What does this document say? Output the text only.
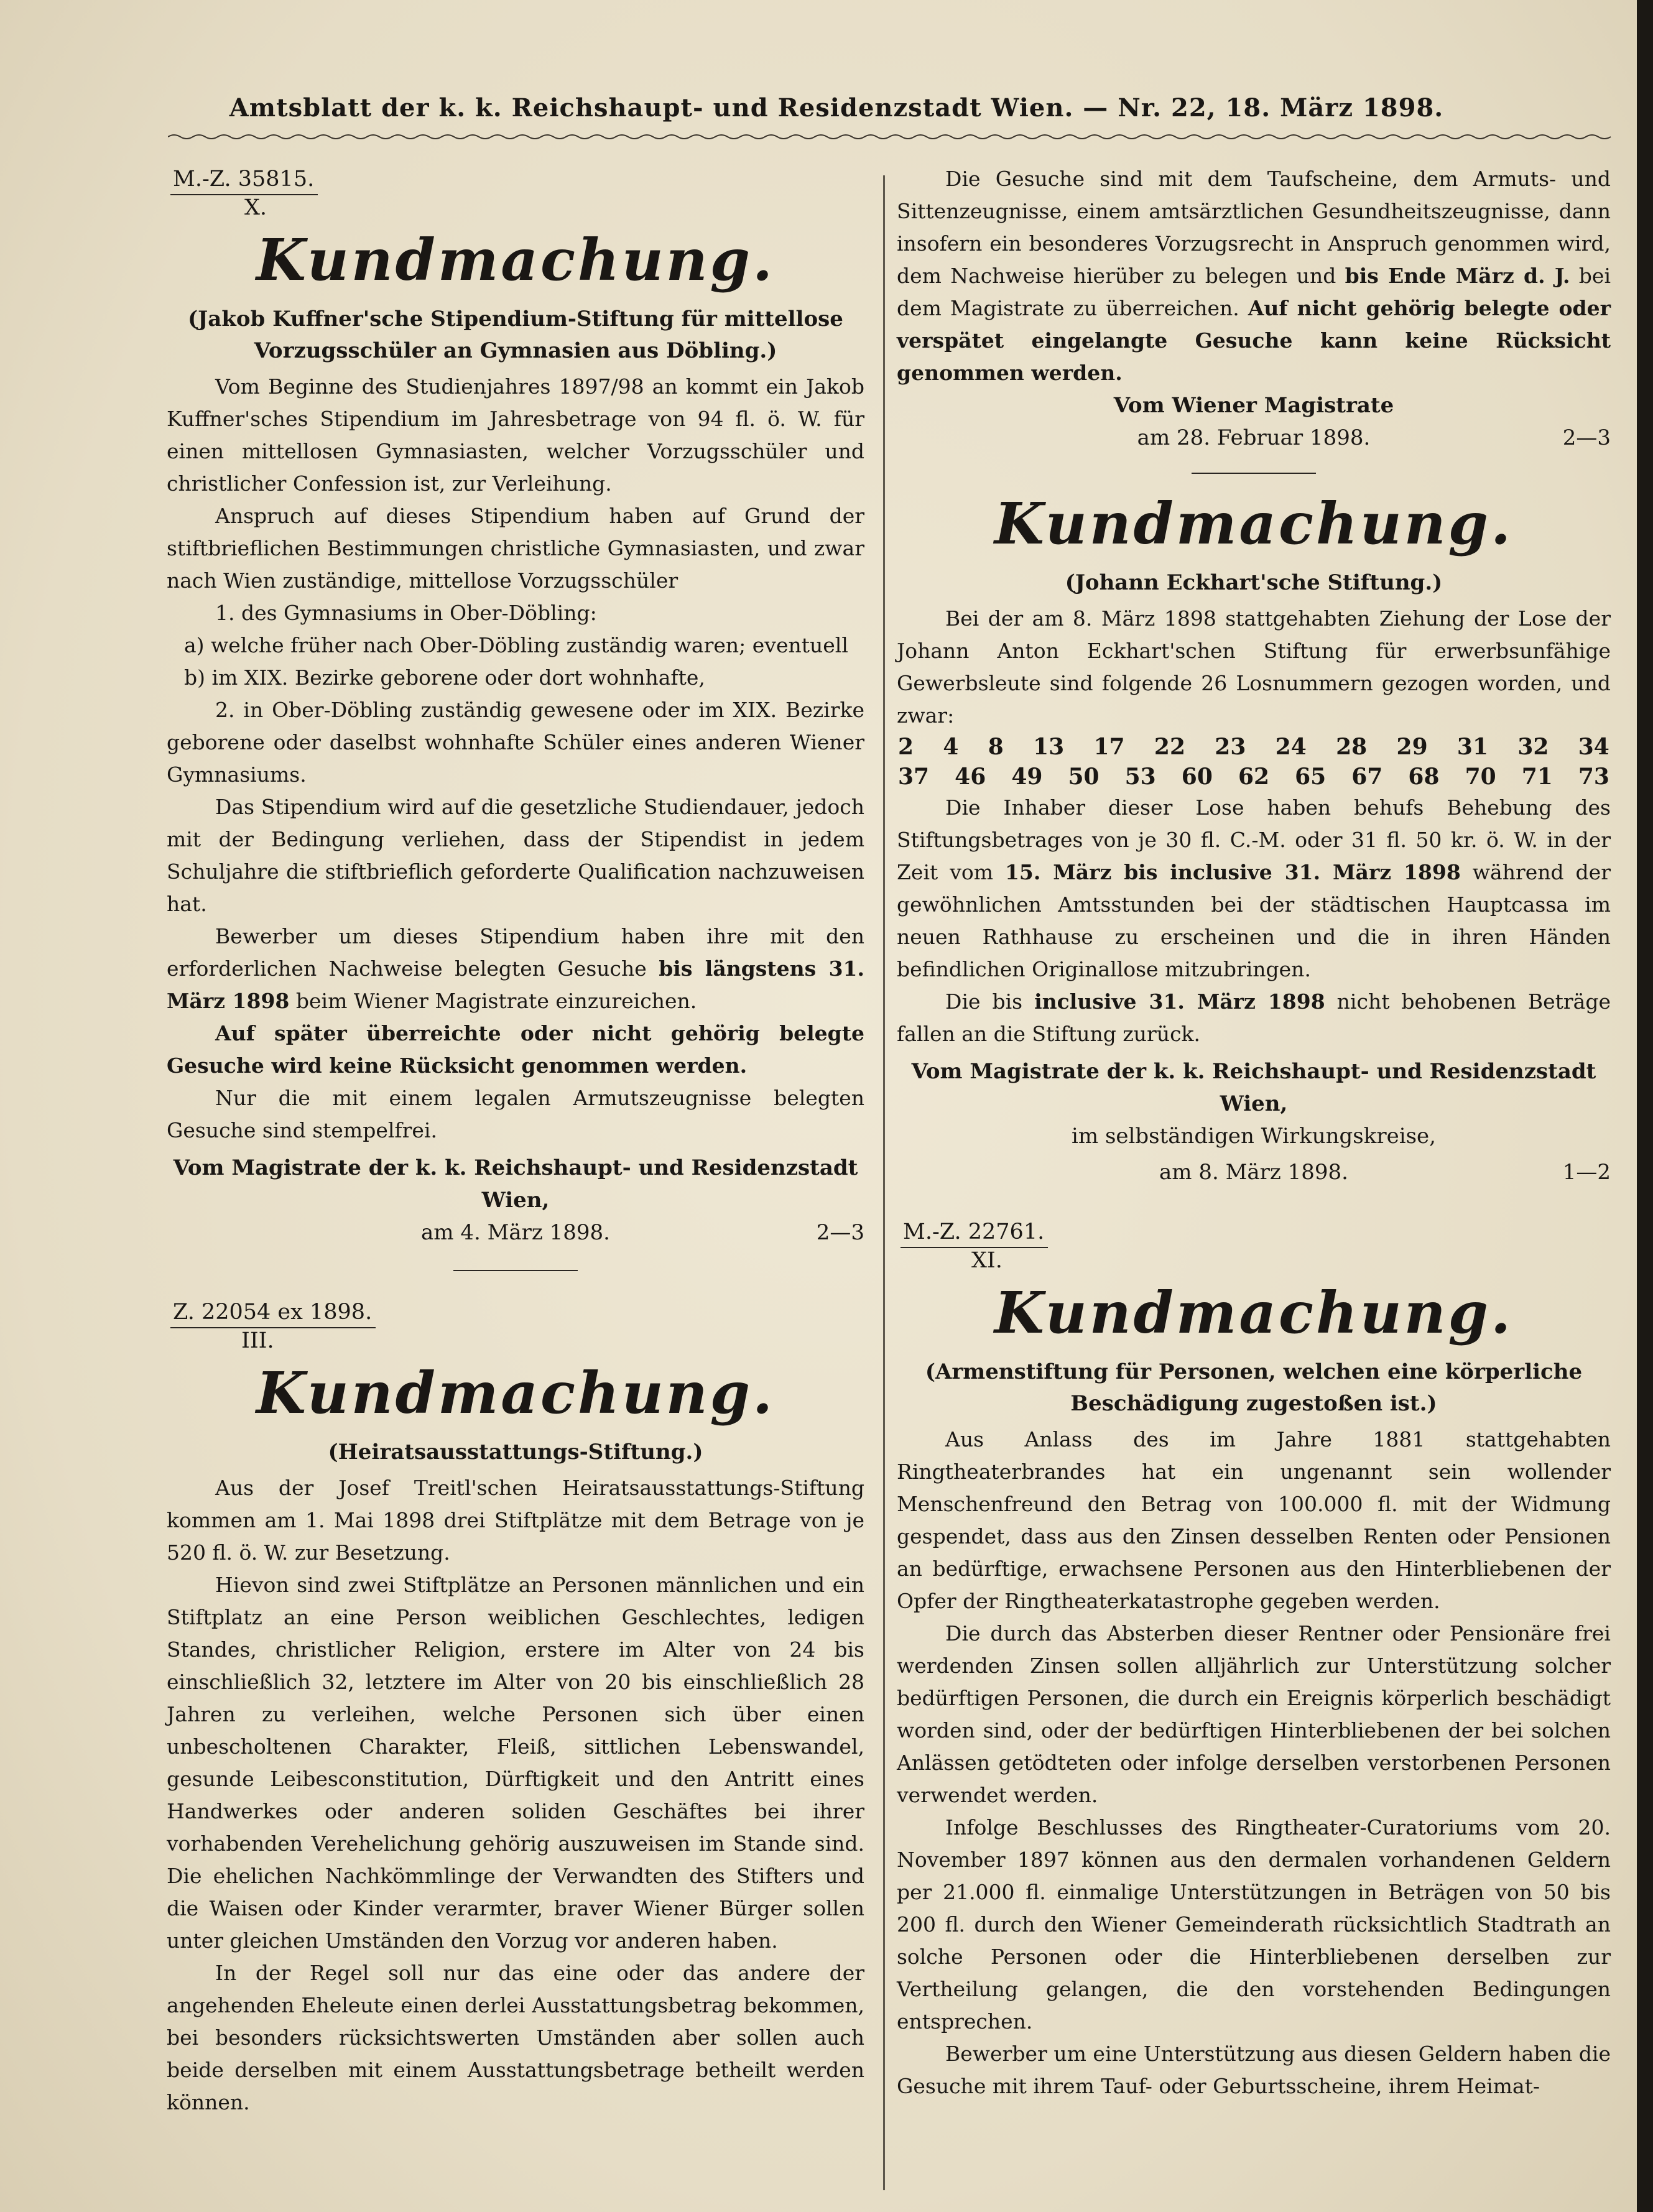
Amtsblatt der k. k. Reichshaupt- und Residenzstadt Wien. — Nr. 22, 18. März 1898.
M.-Z. 35815.
X.
Kundmachung.
(Jakob Kuffner'sche Stipendium-Stiftung für mittellose Vorzugsschüler an Gymnasien aus Döbling.)

Vom Beginne des Studienjahres 1897/98 an kommt ein Jakob Kuffner'sches Stipendium im Jahresbetrage von 94 fl. ö. W. für einen mittellosen Gymnasiasten, welcher Vorzugsschüler und christlicher Confession ist, zur Verleihung.

Anspruch auf dieses Stipendium haben auf Grund der stiftbrieflichen Bestimmungen christliche Gymnasiasten, und zwar nach Wien zuständige, mittellose Vorzugsschüler

1. des Gymnasiums in Ober-Döbling:

a) welche früher nach Ober-Döbling zuständig waren; eventuell

b) im XIX. Bezirke geborene oder dort wohnhafte,

2. in Ober-Döbling zuständig gewesene oder im XIX. Bezirke geborene oder daselbst wohnhafte Schüler eines anderen Wiener Gymnasiums.

Das Stipendium wird auf die gesetzliche Studiendauer, jedoch mit der Bedingung verliehen, dass der Stipendist in jedem Schuljahre die stiftbrieflich geforderte Qualification nachzuweisen hat.

Bewerber um dieses Stipendium haben ihre mit den erforderlichen Nachweise belegten Gesuche bis längstens 31. März 1898 beim Wiener Magistrate einzureichen.

Auf später überreichte oder nicht gehörig belegte Gesuche wird keine Rücksicht genommen werden.

Nur die mit einem legalen Armutszeugnisse belegten Gesuche sind stempelfrei.

Vom Magistrate der k. k. Reichshaupt- und Residenzstadt Wien,
am 4. März 1898.	2—3
Z. 22054 ex 1898.
III.
Kundmachung.
(Heiratsausstattungs-Stiftung.)

Aus der Josef Treitl'schen Heiratsausstattungs-Stiftung kommen am 1. Mai 1898 drei Stiftplätze mit dem Betrage von je 520 fl. ö. W. zur Besetzung.

Hievon sind zwei Stiftplätze an Personen männlichen und ein Stiftplatz an eine Person weiblichen Geschlechtes, ledigen Standes, christlicher Religion, erstere im Alter von 24 bis einschließlich 32, letztere im Alter von 20 bis einschließlich 28 Jahren zu verleihen, welche Personen sich über einen unbescholtenen Charakter, Fleiß, sittlichen Lebenswandel, gesunde Leibesconstitution, Dürftigkeit und den Antritt eines Handwerkes oder anderen soliden Geschäftes bei ihrer vorhabenden Verehelichung gehörig auszuweisen im Stande sind. Die ehelichen Nachkömmlinge der Verwandten des Stifters und die Waisen oder Kinder verarmter, braver Wiener Bürger sollen unter gleichen Umständen den Vorzug vor anderen haben.

In der Regel soll nur das eine oder das andere der angehenden Eheleute einen derlei Ausstattungsbetrag bekommen, bei besonders rücksichtswerten Umständen aber sollen auch beide derselben mit einem Ausstattungsbetrage betheilt werden können.

Die Gesuche sind mit dem Taufscheine, dem Armuts- und Sittenzeugnisse, einem amtsärztlichen Gesundheitszeugnisse, dann insofern ein besonderes Vorzugsrecht in Anspruch genommen wird, dem Nachweise hierüber zu belegen und bis Ende März d. J. bei dem Magistrate zu überreichen. Auf nicht gehörig belegte oder verspätet eingelangte Gesuche kann keine Rücksicht genommen werden.

Vom Wiener Magistrate
am 28. Februar 1898.	2—3
Kundmachung.
(Johann Eckhart'sche Stiftung.)

Bei der am 8. März 1898 stattgehabten Ziehung der Lose der Johann Anton Eckhart'schen Stiftung für erwerbsunfähige Gewerbsleute sind folgende 26 Losnummern gezogen worden, und zwar:

2 4 8 13 17 22 23 24 28 29 31 32 34
37 46 49 50 53 60 62 65 67 68 70 71 73

Die Inhaber dieser Lose haben behufs Behebung des Stiftungsbetrages von je 30 fl. C.-M. oder 31 fl. 50 kr. ö. W. in der Zeit vom 15. März bis inclusive 31. März 1898 während der gewöhnlichen Amtsstunden bei der städtischen Hauptcassa im neuen Rathhause zu erscheinen und die in ihren Händen befindlichen Originallose mitzubringen.

Die bis inclusive 31. März 1898 nicht behobenen Beträge fallen an die Stiftung zurück.

Vom Magistrate der k. k. Reichshaupt- und Residenzstadt Wien,
im selbständigen Wirkungskreise,
am 8. März 1898.	1—2
M.-Z. 22761.
XI.
Kundmachung.
(Armenstiftung für Personen, welchen eine körperliche Beschädigung zugestoßen ist.)

Aus Anlass des im Jahre 1881 stattgehabten Ringtheaterbrandes hat ein ungenannt sein wollender Menschenfreund den Betrag von 100.000 fl. mit der Widmung gespendet, dass aus den Zinsen desselben Renten oder Pensionen an bedürftige, erwachsene Personen aus den Hinterbliebenen der Opfer der Ringtheaterkatastrophe gegeben werden.

Die durch das Absterben dieser Rentner oder Pensionäre frei werdenden Zinsen sollen alljährlich zur Unterstützung solcher bedürftigen Personen, die durch ein Ereignis körperlich beschädigt worden sind, oder der bedürftigen Hinterbliebenen der bei solchen Anlässen getödteten oder infolge derselben verstorbenen Personen verwendet werden.

Infolge Beschlusses des Ringtheater-Curatoriums vom 20. November 1897 können aus den dermalen vorhandenen Geldern per 21.000 fl. einmalige Unterstützungen in Beträgen von 50 bis 200 fl. durch den Wiener Gemeinderath rücksichtlich Stadtrath an solche Personen oder die Hinterbliebenen derselben zur Vertheilung gelangen, die den vorstehenden Bedingungen entsprechen.

Bewerber um eine Unterstützung aus diesen Geldern haben die Gesuche mit ihrem Tauf- oder Geburtsscheine, ihrem Heimat-
